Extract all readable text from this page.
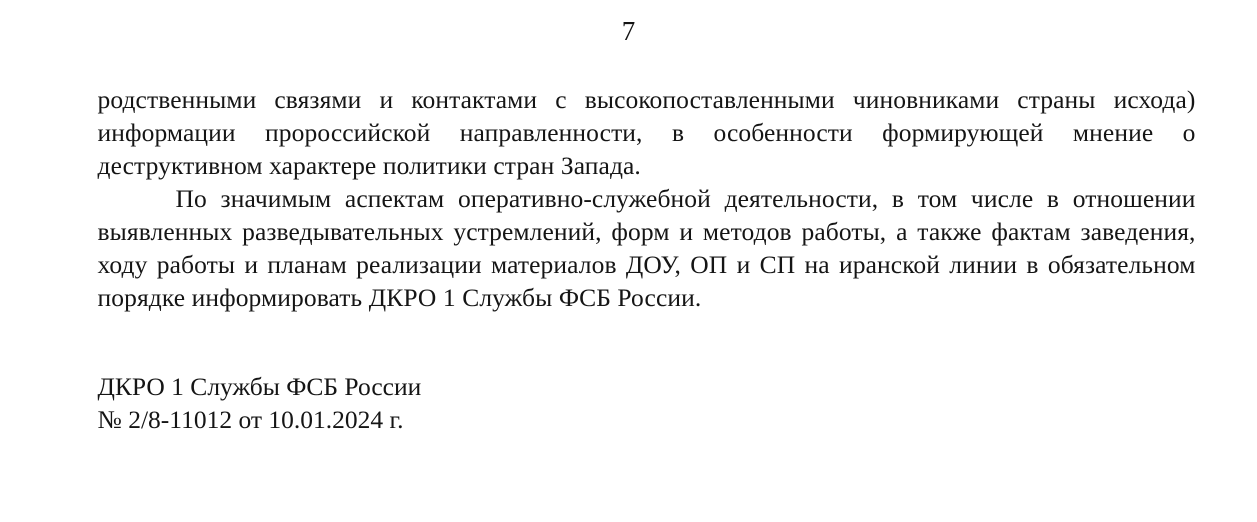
7

родственными связями и контактами с высокопоставленными чиновниками страны исхода) информации пророссийской направленности, в особенности формирующей мнение о деструктивном характере политики стран Запада.

По значимым аспектам оперативно-служебной деятельности, в том числе в отношении выявленных разведывательных устремлений, форм и методов работы, а также фактам заведения, ходу работы и планам реализации материалов ДОУ, ОП и СП на иранской линии в обязательном порядке информировать ДКРО 1 Службы ФСБ России.

ДКРО 1 Службы ФСБ России
№ 2/8-11012 от 10.01.2024 г.
